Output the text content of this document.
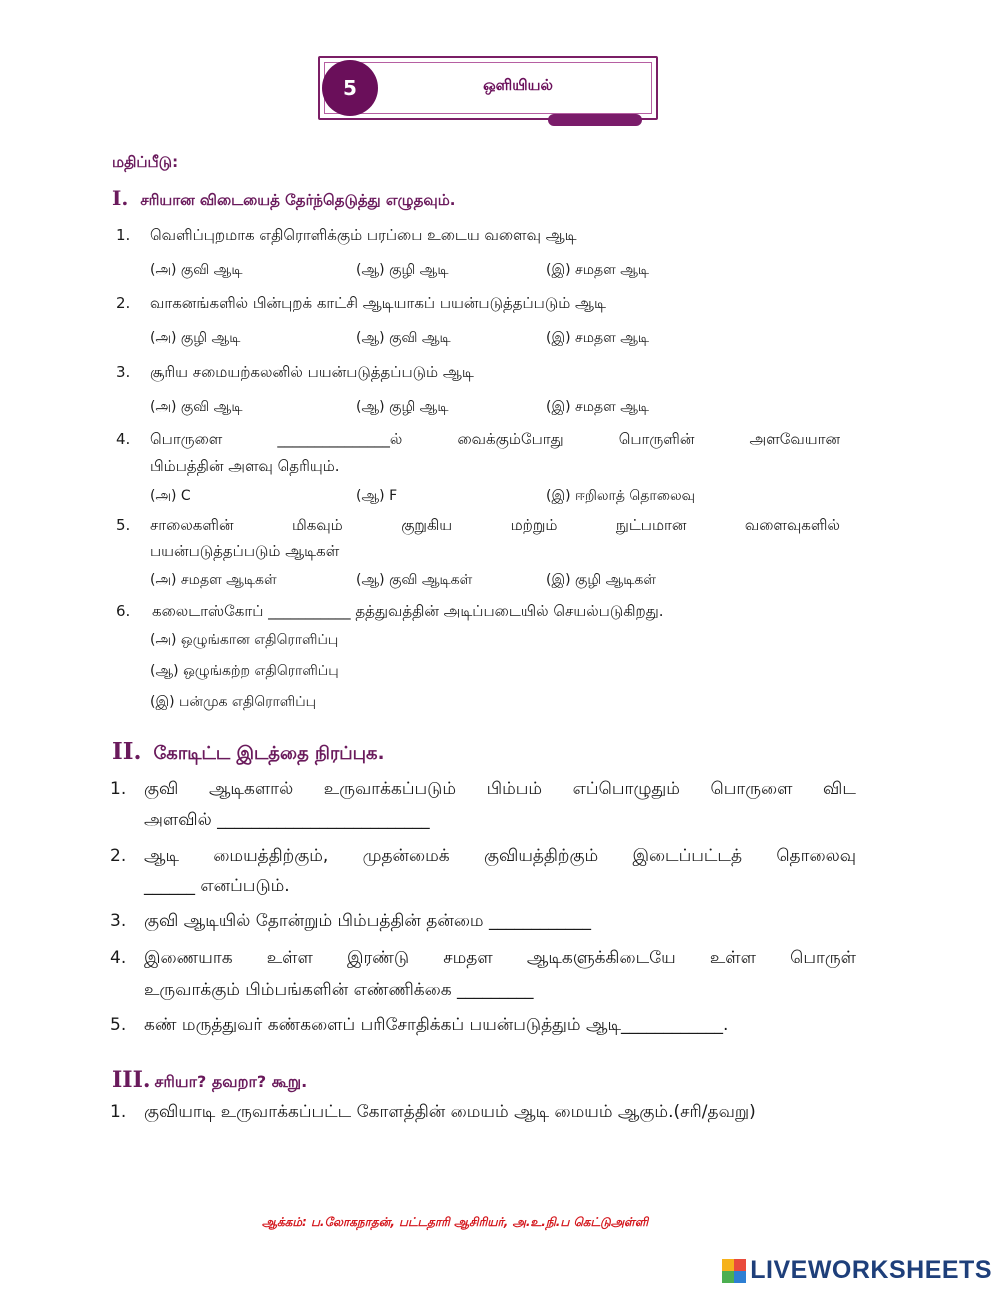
5	ஒளியியல்
மதிப்பீடு:
I. சரியான விடையைத் தேர்ந்தெடுத்து எழுதவும்.
1. வெளிப்புறமாக எதிரொளிக்கும் பரப்பை உடைய வளைவு ஆடி
(அ) குவி ஆடி	(ஆ) குழி ஆடி	(இ) சமதள ஆடி
2. வாகனங்களில் பின்புறக் காட்சி ஆடியாகப் பயன்படுத்தப்படும் ஆடி
(அ) குழி ஆடி	(ஆ) குவி ஆடி	(இ) சமதள ஆடி
3. சூரிய சமையற்கலனில் பயன்படுத்தப்படும் ஆடி
(அ) குவி ஆடி	(ஆ) குழி ஆடி	(இ) சமதள ஆடி
4. பொருளை	_______________ல்	வைக்கும்போது	பொருளின்	அளவேயான
பிம்பத்தின் அளவு தெரியும்.
(அ) C	(ஆ) F	(இ) ஈறிலாத் தொலைவு
5. சாலைகளின்	மிகவும்	குறுகிய	மற்றும்	நுட்பமான	வளைவுகளில்
பயன்படுத்தப்படும் ஆடிகள்
(அ) சமதள ஆடிகள்	(ஆ) குவி ஆடிகள்	(இ) குழி ஆடிகள்
6. கலைடாஸ்கோப் ___________ தத்துவத்தின் அடிப்படையில் செயல்படுகிறது.
(அ) ஒழுங்கான எதிரொளிப்பு
(ஆ) ஒழுங்கற்ற எதிரொளிப்பு
(இ) பன்முக எதிரொளிப்பு
II. கோடிட்ட இடத்தை நிரப்புக.
1. குவி ஆடிகளால் உருவாக்கப்படும் பிம்பம் எப்பொழுதும் பொருளை விட
அளவில் _________________________
2. ஆடி மையத்திற்கும், முதன்மைக் குவியத்திற்கும் இடைப்பட்டத் தொலைவு
______ எனப்படும்.
3. குவி ஆடியில் தோன்றும் பிம்பத்தின் தன்மை ____________
4. இணையாக உள்ள இரண்டு சமதள ஆடிகளுக்கிடையே உள்ள பொருள்
உருவாக்கும் பிம்பங்களின் எண்ணிக்கை _________
5. கண் மருத்துவர் கண்களைப் பரிசோதிக்கப் பயன்படுத்தும் ஆடி____________.
III. சரியா? தவறா? கூறு.
1. குவியாடி உருவாக்கப்பட்ட கோளத்தின் மையம் ஆடி மையம் ஆகும்.(சரி/தவறு)
ஆக்கம்: ப.லோகநாதன், பட்டதாரி ஆசிரியர், அ.உ.நி.ப கெட்டுஅள்ளி
LIVEWORKSHEETS
